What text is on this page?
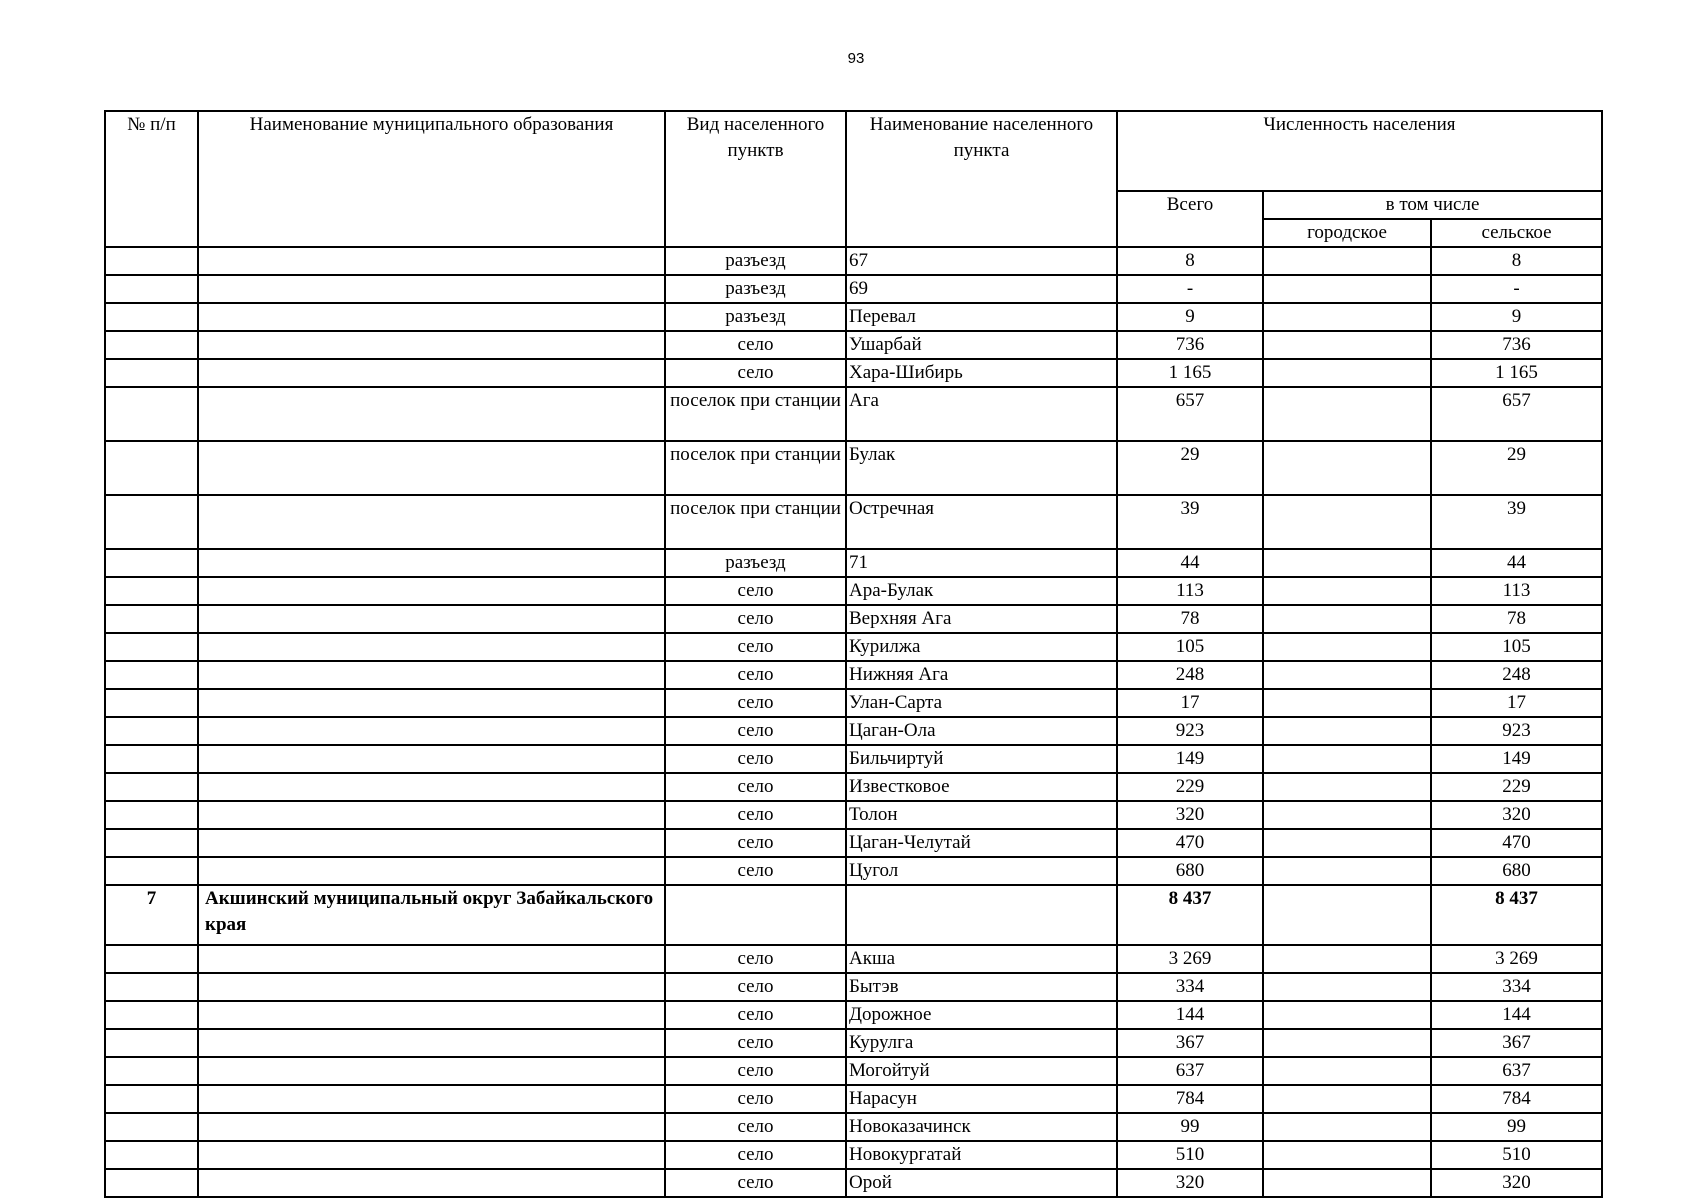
93
№ п/п	Наименование муниципального образования	Вид населенного пунктв	Наименование населенного пункта	Численность населения		
				Всего	в том числе	
					городское	сельское
		разъезд	67	8		8
		разъезд	69	-		-
		разъезд	Перевал	9		9
		село	Ушарбай	736		736
		село	Хара-Шибирь	1 165		1 165
		поселок при станции	Ага	657		657
		поселок при станции	Булак	29		29
		поселок при станции	Остречная	39		39
		разъезд	71	44		44
		село	Ара-Булак	113		113
		село	Верхняя Ага	78		78
		село	Курилжа	105		105
		село	Нижняя Ага	248		248
		село	Улан-Сарта	17		17
		село	Цаган-Ола	923		923
		село	Бильчиртуй	149		149
		село	Известковое	229		229
		село	Толон	320		320
		село	Цаган-Челутай	470		470
		село	Цугол	680		680
7	Акшинский муниципальный округ Забайкальского края			8 437		8 437
		село	Акша	3 269		3 269
		село	Бытэв	334		334
		село	Дорожное	144		144
		село	Курулга	367		367
		село	Могойтуй	637		637
		село	Нарасун	784		784
		село	Новоказачинск	99		99
		село	Новокургатай	510		510
		село	Орой	320		320
